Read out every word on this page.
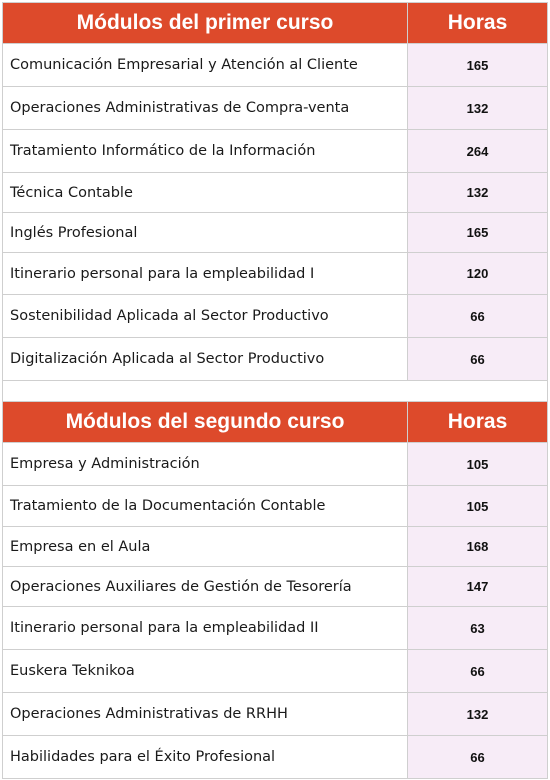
Módulos del primer curso	Horas
Comunicación Empresarial y Atención al Cliente	165
Operaciones Administrativas de Compra-venta	132
Tratamiento Informático de la Información	264
Técnica Contable	132
Inglés Profesional	165
Itinerario personal para la empleabilidad I	120
Sostenibilidad Aplicada al Sector Productivo	66
Digitalización Aplicada al Sector Productivo	66
Módulos del segundo curso	Horas
Empresa y Administración	105
Tratamiento de la Documentación Contable	105
Empresa en el Aula	168
Operaciones Auxiliares de Gestión de Tesorería	147
Itinerario personal para la empleabilidad II	63
Euskera Teknikoa	66
Operaciones Administrativas de RRHH	132
Habilidades para el Éxito Profesional	66
